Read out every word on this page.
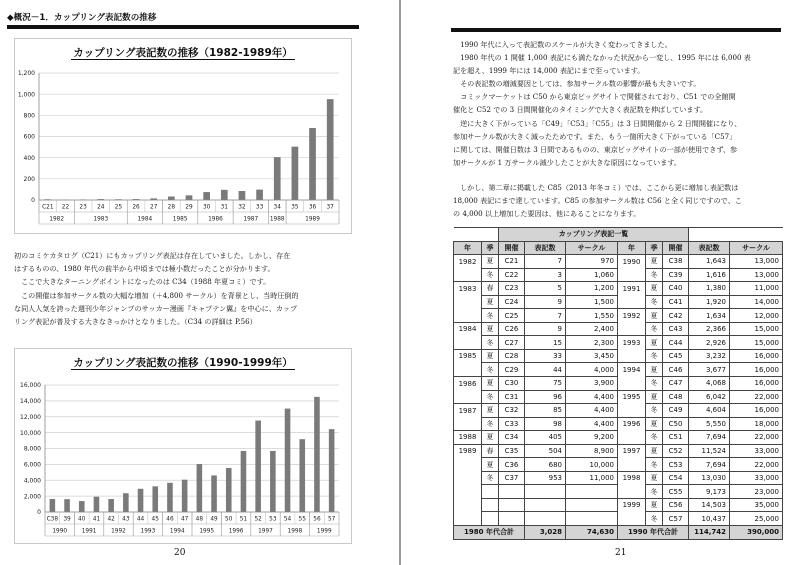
◆概況－1．カップリング表記数の推移
カップリング表記数の推移（1982-1989年）
0
200
400
600
800
1,000
1,200
C21 22 23 24 25 26 27 28 29 30 31 32 33 34 35 36 37
1982	1983	1984	1985	1986	1987 1988	1989
初のコミケカタログ（C21）にもカップリング表記は存在していました。しかし、存在
はするものの、1980 年代の前半から中頃までは極小数だったことが分かります。
　ここで大きなターニングポイントになったのは C34（1988 年夏コミ）です。
　この開催は参加サークル数の大幅な増加（＋4,800 サークル）を背景とし、当時圧倒的
な同人人気を誇った週刊少年ジャンプのサッカー漫画『キャプテン翼』を中心に、カップ
リング表記が普及する大きなきっかけとなりました。（C34 の詳細は P.56）
カップリング表記数の推移（1990-1999年）
0
2,000
4,000
6,000
8,000
10,000
12,000
14,000
16,000
C38 39 40 41 42 43 44 45 46 47 48 49 50 51 52 53 54 55 56 57
1990	1991	1992	1993	1994	1995	1996	1997	1998	1999
20
　1990 年代に入って表記数のスケールが大きく変わってきました。
　1980 年代の 1 開催 1,000 表記にも満たなかった状況から一変し、1995 年には 6,000 表
記を超え、1999 年には 14,000 表記にまで至っています。
　その表記数の増減要因としては、参加サークル数の影響が最も大きいです。
　コミックマーケットは C50 から東京ビッグサイトで開催されており、C51 での全館開
催化と C52 での 3 日間開催化のタイミングで大きく表記数を伸ばしています。
　逆に大きく下がっている「C49」「C53」「C55」は 3 日間開催から 2 日間開催になり、
参加サークル数が大きく減ったためです。また、もう一箇所大きく下がっている「C57」
に関しては、開催日数は 3 日間であるものの、東京ビッグサイトの一部が使用できず、参
加サークルが 1 万サークル減少したことが大きな原因になっています。
　しかし、第二章に掲載した C85（2013 年冬コミ）では、ここから更に増加し表記数は
18,000 表記にまで達しています。C85 の参加サークル数は C56 と全く同じですので、こ
の 4,000 以上増加した要因は、他にあることになります。
		カップリング表記一覧							
年	季	開催	表記数	サークル	年	季	開催	表記数	サークル
1982	夏	C21	7	970	1990	夏	C38	1,643	13,000
	冬	C22	3	1,060		冬	C39	1,616	13,000
1983	春	C23	5	1,200	1991	夏	C40	1,380	11,000
	夏	C24	9	1,500		冬	C41	1,920	14,000
	冬	C25	7	1,550	1992	夏	C42	1,634	12,000
1984	夏	C26	9	2,400		冬	C43	2,366	15,000
	冬	C27	15	2,300	1993	夏	C44	2,926	15,000
1985	夏	C28	33	3,450		冬	C45	3,232	16,000
	冬	C29	44	4,000	1994	夏	C46	3,677	16,000
1986	夏	C30	75	3,900		冬	C47	4,068	16,000
	冬	C31	96	4,400	1995	夏	C48	6,042	22,000
1987	夏	C32	85	4,400		冬	C49	4,604	16,000
	冬	C33	98	4,400	1996	夏	C50	5,550	18,000
1988	夏	C34	405	9,200		冬	C51	7,694	22,000
1989	春	C35	504	8,900	1997	夏	C52	11,524	33,000
	夏	C36	680	10,000		冬	C53	7,694	22,000
	冬	C37	953	11,000	1998	夏	C54	13,030	33,000
						冬	C55	9,173	23,000
					1999	夏	C56	14,503	35,000
						冬	C57	10,437	25,000
1980 年代合計			3,028	74,630	1990 年代合計			114,742	390,000
21
